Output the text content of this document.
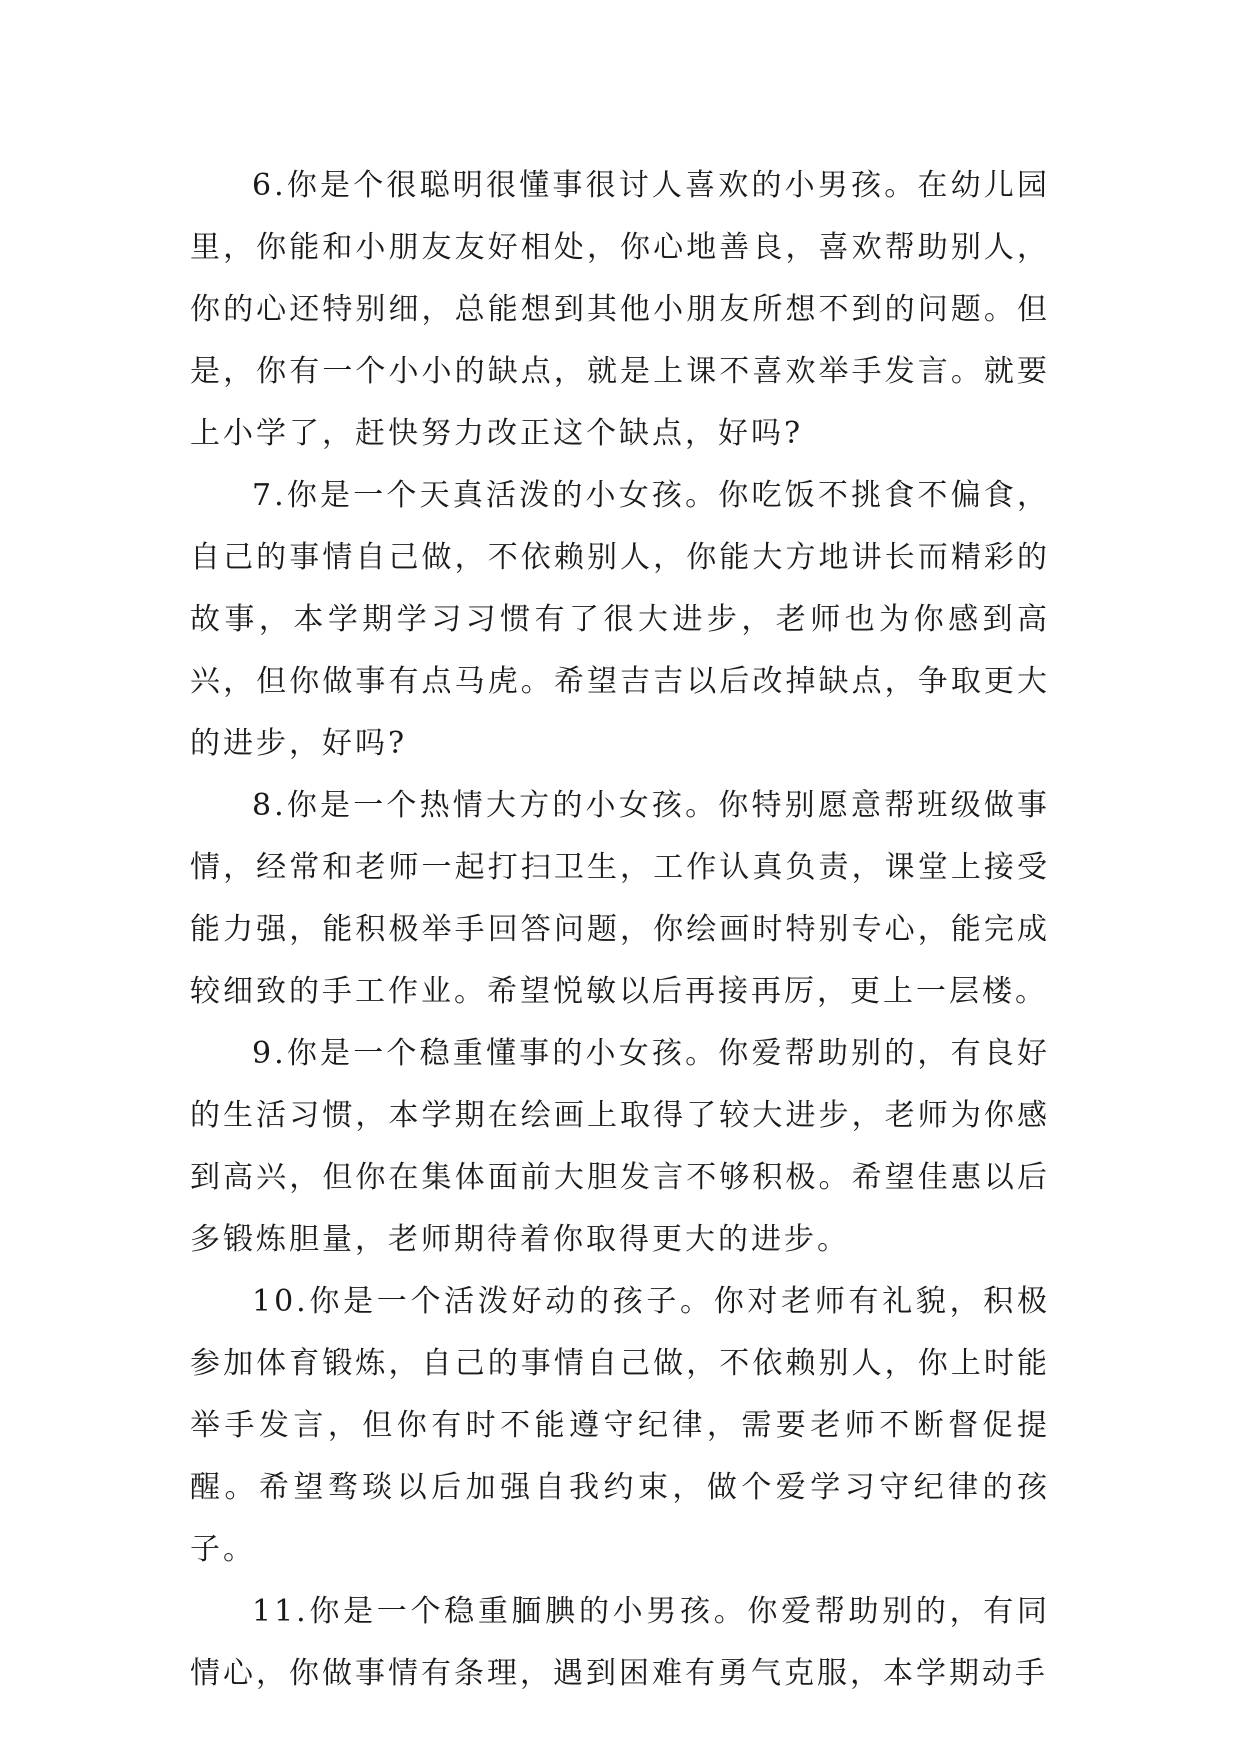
6.你是个很聪明很懂事很讨人喜欢的小男孩。在幼儿园里，你能和小朋友友好相处，你心地善良，喜欢帮助别人，你的心还特别细，总能想到其他小朋友所想不到的问题。但是，你有一个小小的缺点，就是上课不喜欢举手发言。就要上小学了，赶快努力改正这个缺点，好吗?

7.你是一个天真活泼的小女孩。你吃饭不挑食不偏食，自己的事情自己做，不依赖别人，你能大方地讲长而精彩的故事，本学期学习习惯有了很大进步，老师也为你感到高兴，但你做事有点马虎。希望吉吉以后改掉缺点，争取更大的进步，好吗?

8.你是一个热情大方的小女孩。你特别愿意帮班级做事情，经常和老师一起打扫卫生，工作认真负责，课堂上接受能力强，能积极举手回答问题，你绘画时特别专心，能完成较细致的手工作业。希望悦敏以后再接再厉，更上一层楼。

9.你是一个稳重懂事的小女孩。你爱帮助别的，有良好的生活习惯，本学期在绘画上取得了较大进步，老师为你感到高兴，但你在集体面前大胆发言不够积极。希望佳惠以后多锻炼胆量，老师期待着你取得更大的进步。

10.你是一个活泼好动的孩子。你对老师有礼貌，积极参加体育锻炼，自己的事情自己做，不依赖别人，你上时能举手发言，但你有时不能遵守纪律，需要老师不断督促提醒。希望骛琰以后加强自我约束，做个爱学习守纪律的孩子。

11.你是一个稳重腼腆的小男孩。你爱帮助别的，有同情心，你做事情有条理，遇到困难有勇气克服，本学期动手
